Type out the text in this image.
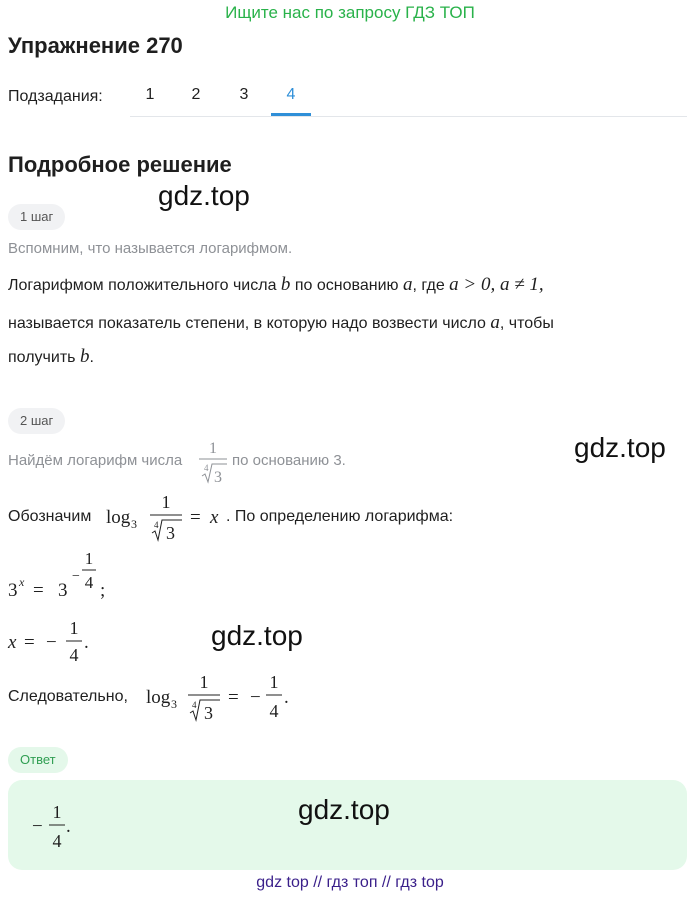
Ищите нас по запросу ГДЗ ТОП
Упражнение 270
Подзадания:	1	2	3	4
Подробное решение
gdz.top
gdz.top
gdz.top
1 шаг
Вспомним, что называется логарифмом.
Логарифмом положительного числа b по основанию a, где a > 0, a ≠ 1,
называется показатель степени, в которую надо возвести число a, чтобы
получить b.
2 шаг
Найдём логарифм числа
1
4
3
по основанию 3.
Обозначим log 3
1
4 3
= x . По определению логарифма:
3 x = 3
−
1
4 ;
x = −
1
4
.
Следовательно, log 3
1
4 3
= −
1
4
.
Ответ
gdz.top
−
1
4
.
gdz top // гдз топ // гдз top
